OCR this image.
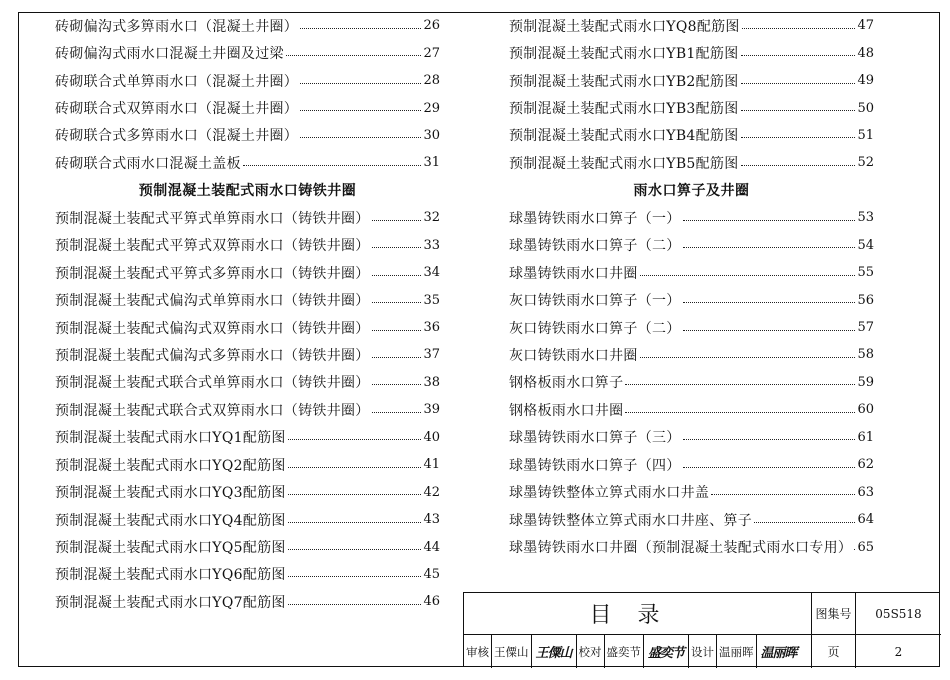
砖砌偏沟式多箅雨水口（混凝土井圈）	26
砖砌偏沟式雨水口混凝土井圈及过梁	27
砖砌联合式单箅雨水口（混凝土井圈）	28
砖砌联合式双箅雨水口（混凝土井圈）	29
砖砌联合式多箅雨水口（混凝土井圈）	30
砖砌联合式雨水口混凝土盖板	31
预制混凝土装配式雨水口铸铁井圈
预制混凝土装配式平箅式单箅雨水口（铸铁井圈）	32
预制混凝土装配式平箅式双箅雨水口（铸铁井圈）	33
预制混凝土装配式平箅式多箅雨水口（铸铁井圈）	34
预制混凝土装配式偏沟式单箅雨水口（铸铁井圈）	35
预制混凝土装配式偏沟式双箅雨水口（铸铁井圈）	36
预制混凝土装配式偏沟式多箅雨水口（铸铁井圈）	37
预制混凝土装配式联合式单箅雨水口（铸铁井圈）	38
预制混凝土装配式联合式双箅雨水口（铸铁井圈）	39
预制混凝土装配式雨水口YQ1配筋图	40
预制混凝土装配式雨水口YQ2配筋图	41
预制混凝土装配式雨水口YQ3配筋图	42
预制混凝土装配式雨水口YQ4配筋图	43
预制混凝土装配式雨水口YQ5配筋图	44
预制混凝土装配式雨水口YQ6配筋图	45
预制混凝土装配式雨水口YQ7配筋图	46
预制混凝土装配式雨水口YQ8配筋图	47
预制混凝土装配式雨水口YB1配筋图	48
预制混凝土装配式雨水口YB2配筋图	49
预制混凝土装配式雨水口YB3配筋图	50
预制混凝土装配式雨水口YB4配筋图	51
预制混凝土装配式雨水口YB5配筋图	52
雨水口箅子及井圈
球墨铸铁雨水口箅子（一）	53
球墨铸铁雨水口箅子（二）	54
球墨铸铁雨水口井圈	55
灰口铸铁雨水口箅子（一）	56
灰口铸铁雨水口箅子（二）	57
灰口铸铁雨水口井圈	58
钢格板雨水口箅子	59
钢格板雨水口井圈	60
球墨铸铁雨水口箅子（三）	61
球墨铸铁雨水口箅子（四）	62
球墨铸铁整体立箅式雨水口井盖	63
球墨铸铁整体立箅式雨水口井座、箅子	64
球墨铸铁雨水口井圈（预制混凝土装配式雨水口专用） 65
目录	图集号	05S518
审核 王僳山 王僳山 校对 盛奕节 盛奕节 设计 温丽晖 温丽晖	页	2
